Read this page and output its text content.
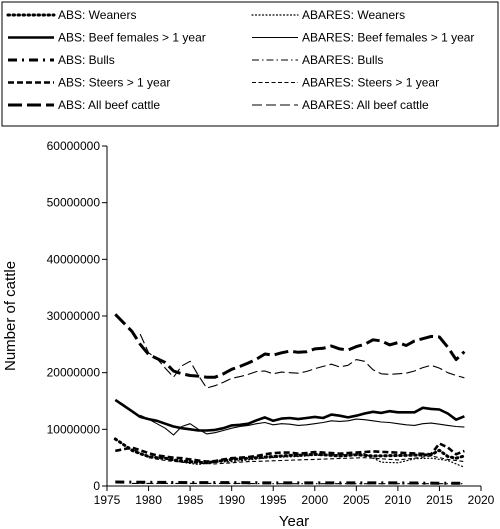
ABS: Weaners	ABARES: Weaners
ABS: Beef females > 1 year	ABARES: Beef females > 1 year
ABS: Bulls	ABARES: Bulls
ABS: Steers > 1 year	ABARES: Steers > 1 year
ABS: All beef cattle	ABARES: All beef cattle
0
10000000
20000000
30000000
40000000
50000000
60000000
1975 1980 1985 1990 1995 2000 2005 2010 2015 2020
Year
Number of cattle
